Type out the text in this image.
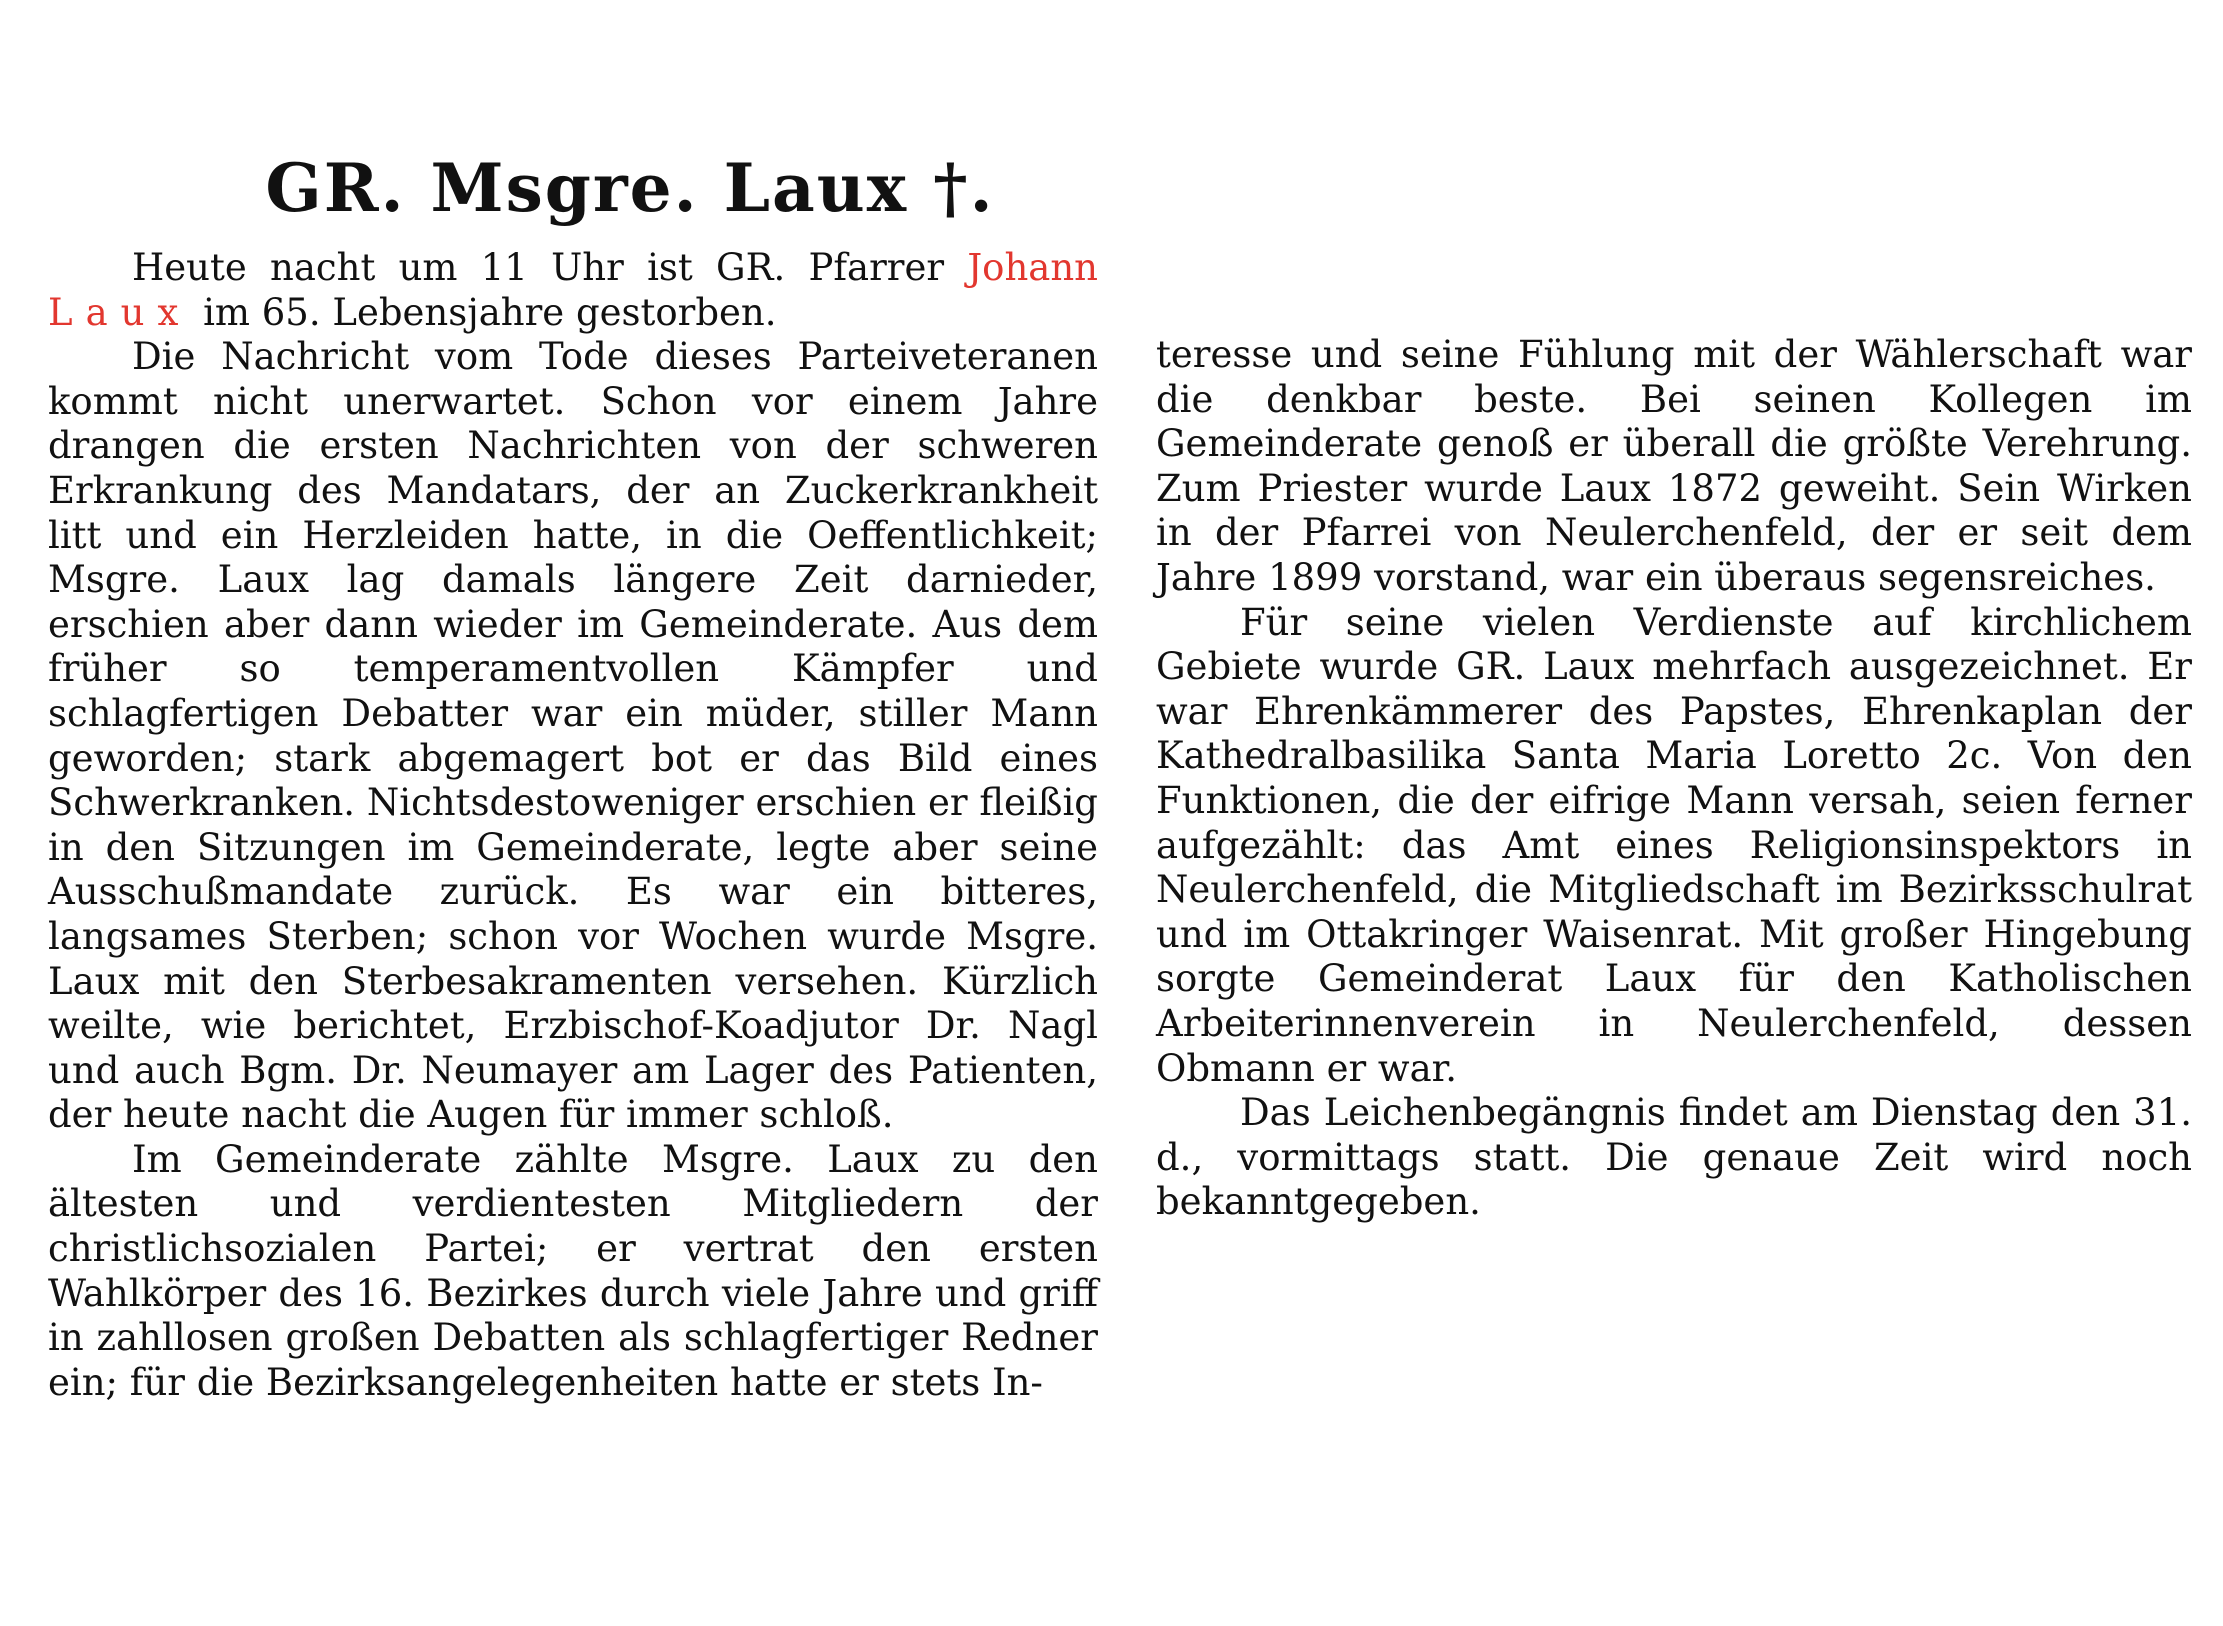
GR. Msgre. Laux †.

Heute nacht um 11 Uhr ist GR. Pfarrer Johann Laux im 65. Lebensjahre gestorben.

Die Nachricht vom Tode dieses Parteiveteranen kommt nicht unerwartet. Schon vor einem Jahre drangen die ersten Nachrichten von der schweren Erkrankung des Mandatars, der an Zuckerkrankheit litt und ein Herzleiden hatte, in die Oeffentlichkeit; Msgre. Laux lag damals längere Zeit darnieder, erschien aber dann wieder im Gemeinderate. Aus dem früher so temperamentvollen Kämpfer und schlagfertigen Debatter war ein müder, stiller Mann geworden; stark abgemagert bot er das Bild eines Schwerkranken. Nichtsdestoweniger erschien er fleißig in den Sitzungen im Gemeinderate, legte aber seine Ausschußmandate zurück. Es war ein bitteres, langsames Sterben; schon vor Wochen wurde Msgre. Laux mit den Sterbesakramenten versehen. Kürzlich weilte, wie berichtet, Erzbischof-Koadjutor Dr. Nagl und auch Bgm. Dr. Neumayer am Lager des Patienten, der heute nacht die Augen für immer schloß.

Im Gemeinderate zählte Msgre. Laux zu den ältesten und verdientesten Mitgliedern der christlichsozialen Partei; er vertrat den ersten Wahlkörper des 16. Bezirkes durch viele Jahre und griff in zahllosen großen Debatten als schlagfertiger Redner ein; für die Bezirksangelegenheiten hatte er stets In-

teresse und seine Fühlung mit der Wählerschaft war die denkbar beste. Bei seinen Kollegen im Gemeinderate genoß er überall die größte Verehrung. Zum Priester wurde Laux 1872 geweiht. Sein Wirken in der Pfarrei von Neulerchenfeld, der er seit dem Jahre 1899 vorstand, war ein überaus segensreiches.

Für seine vielen Verdienste auf kirchlichem Gebiete wurde GR. Laux mehrfach ausgezeichnet. Er war Ehrenkämmerer des Papstes, Ehrenkaplan der Kathedralbasilika Santa Maria Loretto 2c. Von den Funktionen, die der eifrige Mann versah, seien ferner aufgezählt: das Amt eines Religionsinspektors in Neulerchenfeld, die Mitgliedschaft im Bezirksschulrat und im Ottakringer Waisenrat. Mit großer Hingebung sorgte Gemeinderat Laux für den Katholischen Arbeiterinnenverein in Neulerchenfeld, dessen Obmann er war.

Das Leichenbegängnis findet am Dienstag den 31. d., vormittags statt. Die genaue Zeit wird noch bekanntgegeben.
